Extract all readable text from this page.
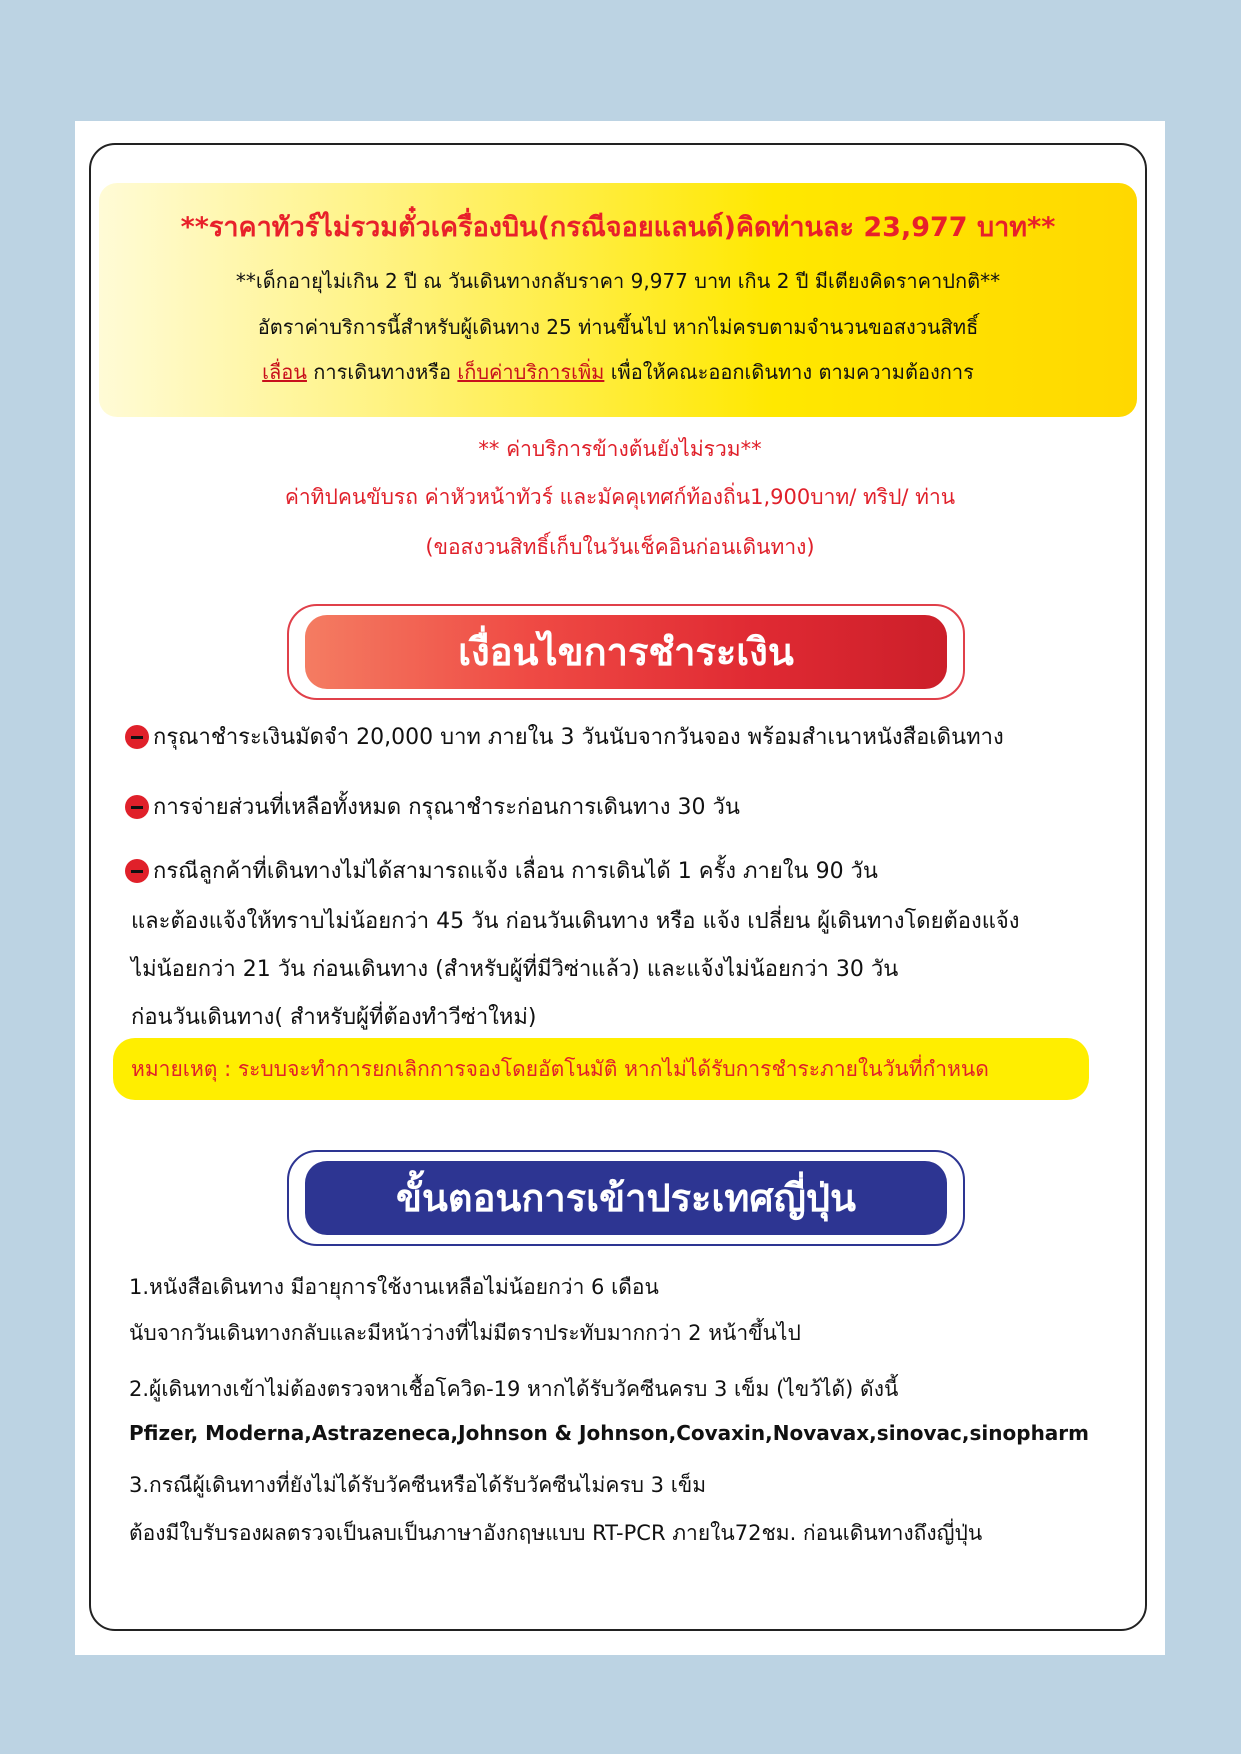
**ราคาทัวร์ไม่รวมตั๋วเครื่องบิน(กรณีจอยแลนด์)คิดท่านละ 23,977 บาท**
**เด็กอายุไม่เกิน 2 ปี ณ วันเดินทางกลับราคา 9,977 บาท เกิน 2 ปี มีเตียงคิดราคาปกติ**
อัตราค่าบริการนี้สำหรับผู้เดินทาง 25 ท่านขึ้นไป หากไม่ครบตามจำนวนขอสงวนสิทธิ์
เลื่อน การเดินทางหรือ เก็บค่าบริการเพิ่ม เพื่อให้คณะออกเดินทาง ตามความต้องการ
** ค่าบริการข้างต้นยังไม่รวม**
ค่าทิปคนขับรถ ค่าหัวหน้าทัวร์ และมัคคุเทศก์ท้องถิ่น1,900บาท/ ทริป/ ท่าน
(ขอสงวนสิทธิ์เก็บในวันเช็คอินก่อนเดินทาง)
เงื่อนไขการชำระเงิน
กรุณาชำระเงินมัดจำ 20,000 บาท ภายใน 3 วันนับจากวันจอง พร้อมสำเนาหนังสือเดินทาง
การจ่ายส่วนที่เหลือทั้งหมด กรุณาชำระก่อนการเดินทาง 30 วัน
กรณีลูกค้าที่เดินทางไม่ได้สามารถแจ้ง เลื่อน การเดินได้ 1 ครั้ง ภายใน 90 วัน
และต้องแจ้งให้ทราบไม่น้อยกว่า 45 วัน ก่อนวันเดินทาง หรือ แจ้ง เปลี่ยน ผู้เดินทางโดยต้องแจ้ง
ไม่น้อยกว่า 21 วัน ก่อนเดินทาง (สำหรับผู้ที่มีวิซ่าแล้ว) และแจ้งไม่น้อยกว่า 30 วัน
ก่อนวันเดินทาง( สำหรับผู้ที่ต้องทำวีซ่าใหม่)
หมายเหตุ : ระบบจะทำการยกเลิกการจองโดยอัตโนมัติ หากไม่ได้รับการชำระภายในวันที่กำหนด
ขั้นตอนการเข้าประเทศญี่ปุ่น
1.หนังสือเดินทาง มีอายุการใช้งานเหลือไม่น้อยกว่า 6 เดือน
นับจากวันเดินทางกลับและมีหน้าว่างที่ไม่มีตราประทับมากกว่า 2 หน้าขึ้นไป
2.ผู้เดินทางเข้าไม่ต้องตรวจหาเชื้อโควิด-19 หากได้รับวัคซีนครบ 3 เข็ม (ไขว้ได้) ดังนี้
Pfizer, Moderna,Astrazeneca,Johnson & Johnson,Covaxin,Novavax,sinovac,sinopharm
3.กรณีผู้เดินทางที่ยังไม่ได้รับวัคซีนหรือได้รับวัคซีนไม่ครบ 3 เข็ม
ต้องมีใบรับรองผลตรวจเป็นลบเป็นภาษาอังกฤษแบบ RT-PCR ภายใน72ชม. ก่อนเดินทางถึงญี่ปุ่น
